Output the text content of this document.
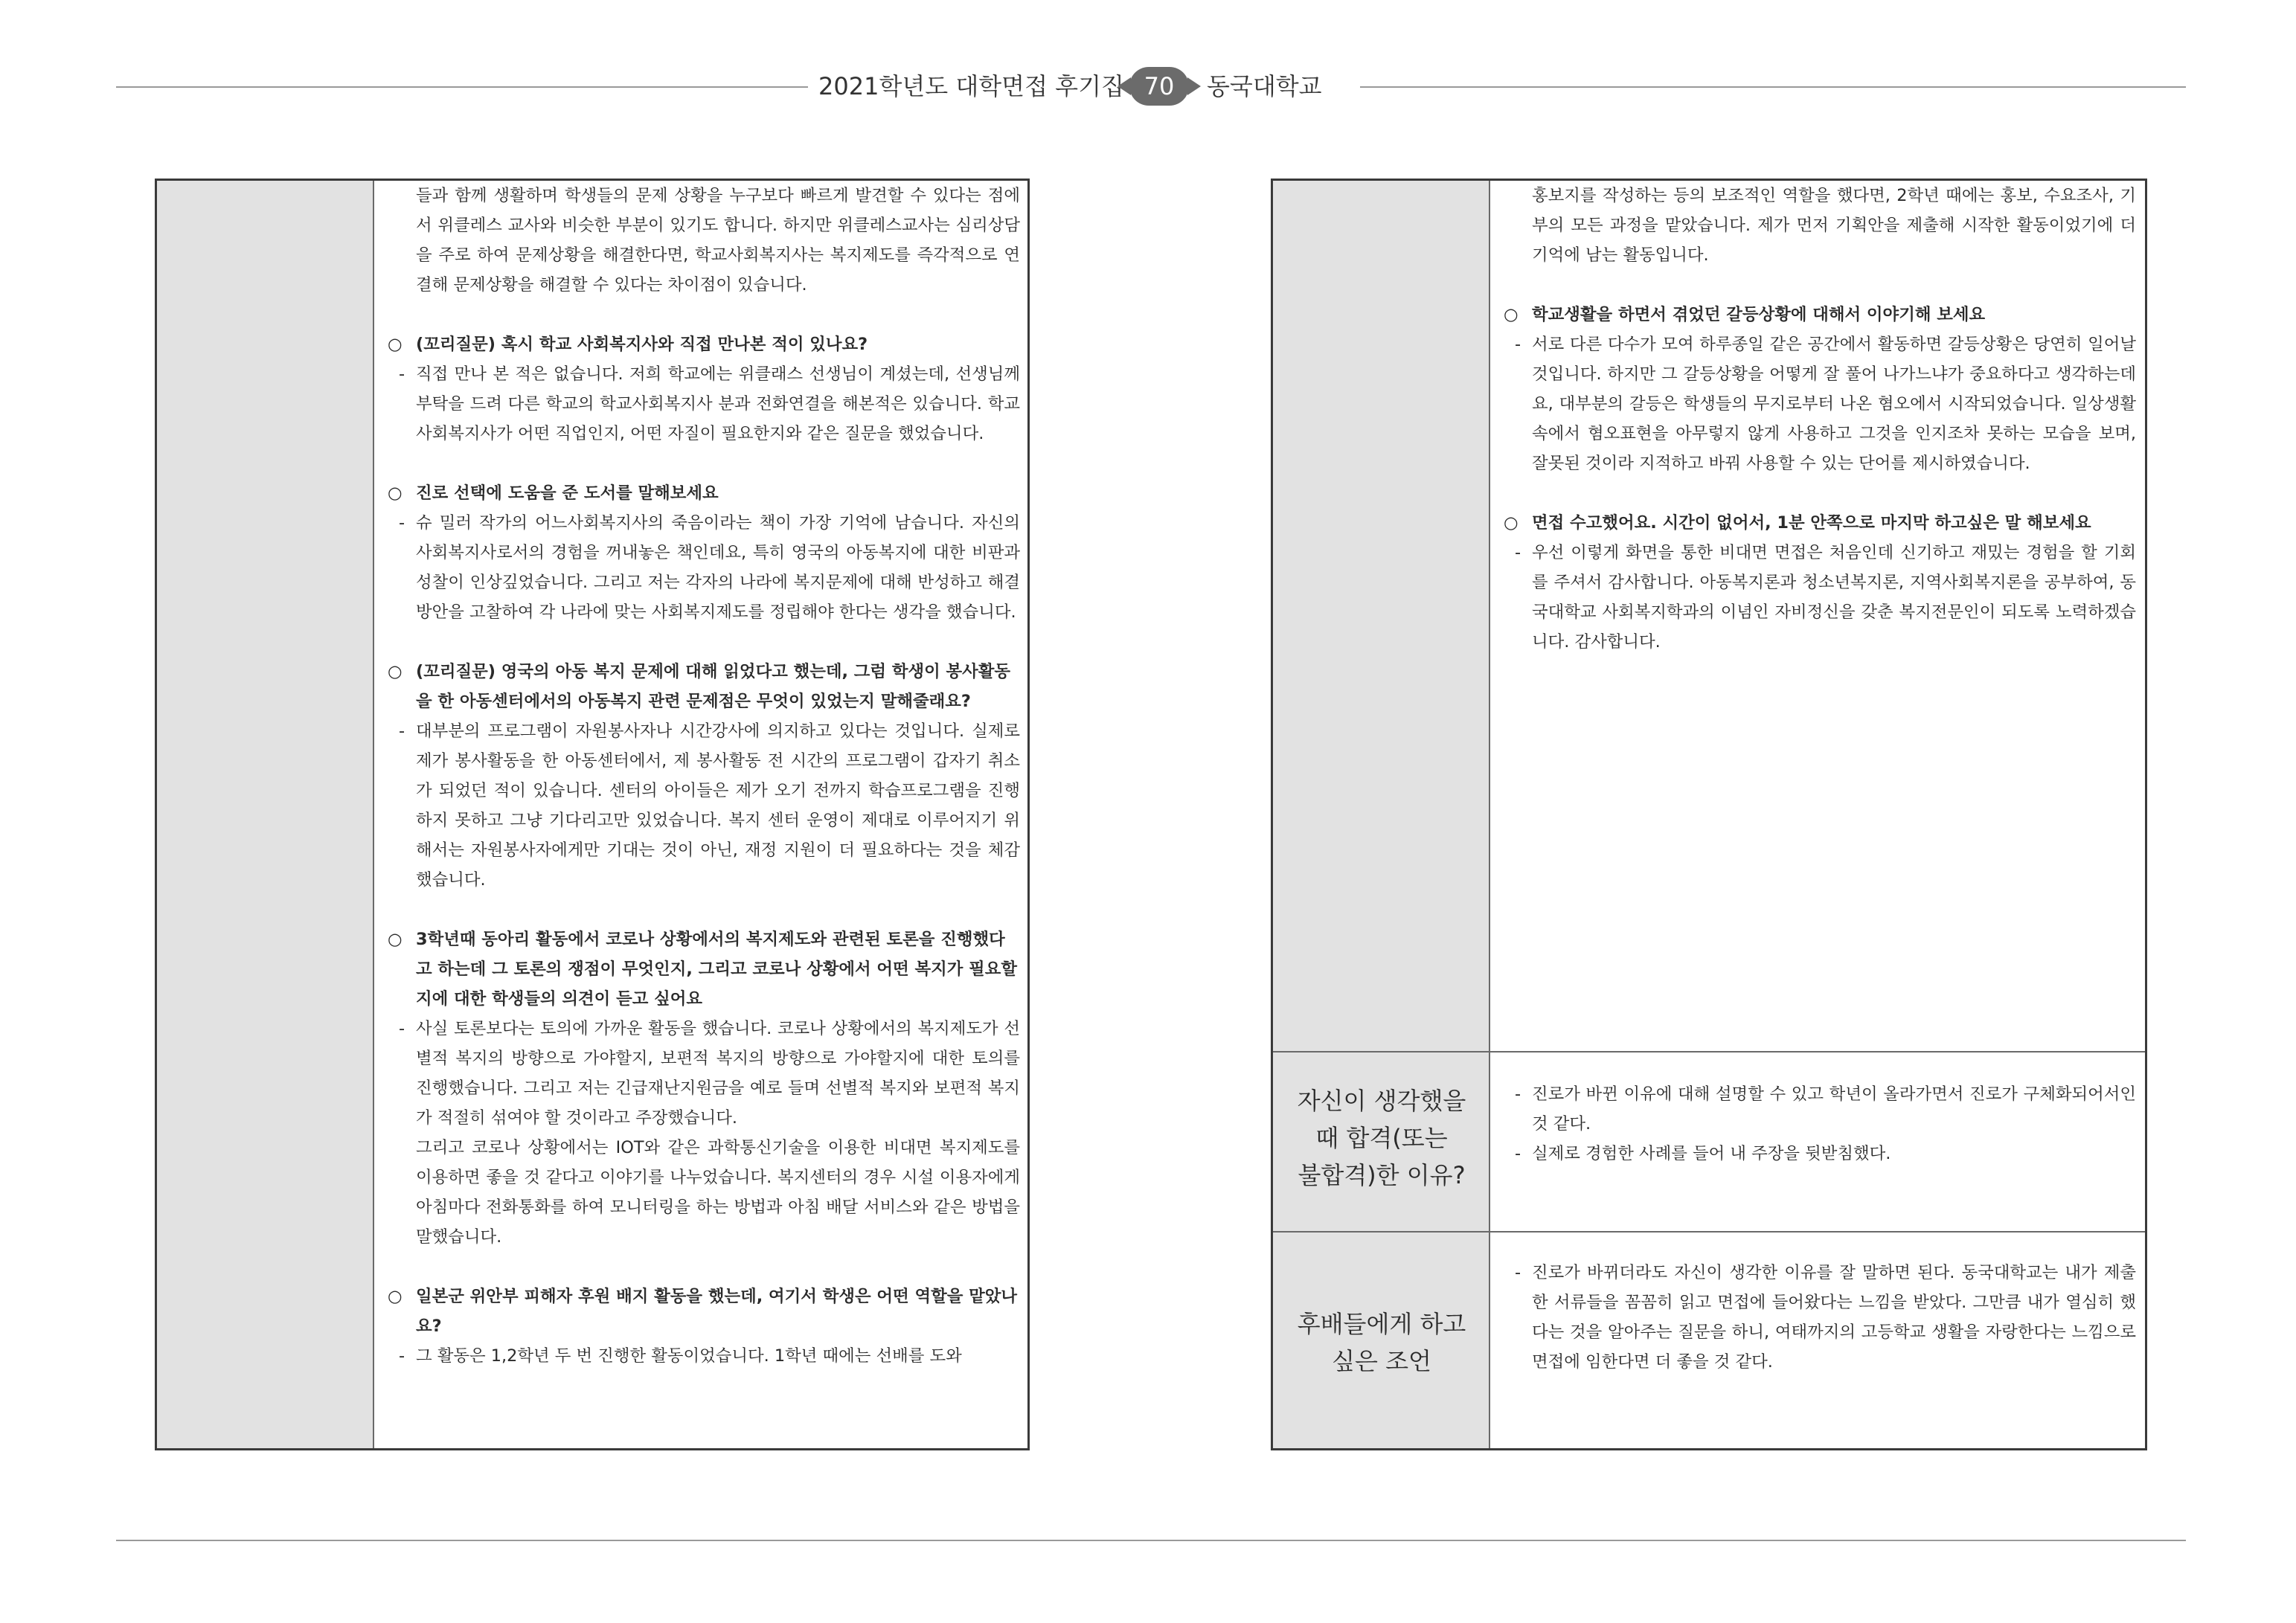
2021학년도 대학면접 후기집 70	동국대학교

들과 함께 생활하며 학생들의 문제 상황을 누구보다 빠르게 발견할 수 있다는 점에서 위클레스 교사와 비슷한 부분이 있기도 합니다. 하지만 위클레스교사는 심리상담을 주로 하여 문제상황을 해결한다면, 학교사회복지사는 복지제도를 즉각적으로 연결해 문제상황을 해결할 수 있다는 차이점이 있습니다.

○ (꼬리질문) 혹시 학교 사회복지사와 직접 만나본 적이 있나요?

- 직접 만나 본 적은 없습니다. 저희 학교에는 위클래스 선생님이 계셨는데, 선생님께 부탁을 드려 다른 학교의 학교사회복지사 분과 전화연결을 해본적은 있습니다. 학교사회복지사가 어떤 직업인지, 어떤 자질이 필요한지와 같은 질문을 했었습니다.

○ 진로 선택에 도움을 준 도서를 말해보세요

- 슈 밀러 작가의 어느사회복지사의 죽음이라는 책이 가장 기억에 남습니다. 자신의 사회복지사로서의 경험을 꺼내놓은 책인데요, 특히 영국의 아동복지에 대한 비판과 성찰이 인상깊었습니다. 그리고 저는 각자의 나라에 복지문제에 대해 반성하고 해결방안을 고찰하여 각 나라에 맞는 사회복지제도를 정립해야 한다는 생각을 했습니다.

○ (꼬리질문) 영국의 아동 복지 문제에 대해 읽었다고 했는데, 그럼 학생이 봉사활동을 한 아동센터에서의 아동복지 관련 문제점은 무엇이 있었는지 말해줄래요?

- 대부분의 프로그램이 자원봉사자나 시간강사에 의지하고 있다는 것입니다. 실제로 제가 봉사활동을 한 아동센터에서, 제 봉사활동 전 시간의 프로그램이 갑자기 취소가 되었던 적이 있습니다. 센터의 아이들은 제가 오기 전까지 학습프로그램을 진행하지 못하고 그냥 기다리고만 있었습니다. 복지 센터 운영이 제대로 이루어지기 위해서는 자원봉사자에게만 기대는 것이 아닌, 재정 지원이 더 필요하다는 것을 체감했습니다.

○ 3학년때 동아리 활동에서 코로나 상황에서의 복지제도와 관련된 토론을 진행했다고 하는데 그 토론의 쟁점이 무엇인지, 그리고 코로나 상황에서 어떤 복지가 필요할지에 대한 학생들의 의견이 듣고 싶어요

- 사실 토론보다는 토의에 가까운 활동을 했습니다. 코로나 상황에서의 복지제도가 선별적 복지의 방향으로 가야할지, 보편적 복지의 방향으로 가야할지에 대한 토의를 진행했습니다. 그리고 저는 긴급재난지원금을 예로 들며 선별적 복지와 보편적 복지가 적절히 섞여야 할 것이라고 주장했습니다.

그리고 코로나 상황에서는 IOT와 같은 과학통신기술을 이용한 비대면 복지제도를 이용하면 좋을 것 같다고 이야기를 나누었습니다. 복지센터의 경우 시설 이용자에게 아침마다 전화통화를 하여 모니터링을 하는 방법과 아침 배달 서비스와 같은 방법을 말했습니다.

○ 일본군 위안부 피해자 후원 배지 활동을 했는데, 여기서 학생은 어떤 역할을 맡았나요?

- 그 활동은 1,2학년 두 번 진행한 활동이었습니다. 1학년 때에는 선배를 도와

홍보지를 작성하는 등의 보조적인 역할을 했다면, 2학년 때에는 홍보, 수요조사, 기부의 모든 과정을 맡았습니다. 제가 먼저 기획안을 제출해 시작한 활동이었기에 더 기억에 남는 활동입니다.

○ 학교생활을 하면서 겪었던 갈등상황에 대해서 이야기해 보세요

- 서로 다른 다수가 모여 하루종일 같은 공간에서 활동하면 갈등상황은 당연히 일어날 것입니다. 하지만 그 갈등상황을 어떻게 잘 풀어 나가느냐가 중요하다고 생각하는데요, 대부분의 갈등은 학생들의 무지로부터 나온 혐오에서 시작되었습니다. 일상생활속에서 혐오표현을 아무렇지 않게 사용하고 그것을 인지조차 못하는 모습을 보며, 잘못된 것이라 지적하고 바꿔 사용할 수 있는 단어를 제시하였습니다.

○ 면접 수고했어요. 시간이 없어서, 1분 안쪽으로 마지막 하고싶은 말 해보세요

- 우선 이렇게 화면을 통한 비대면 면접은 처음인데 신기하고 재밌는 경험을 할 기회를 주셔서 감사합니다. 아동복지론과 청소년복지론, 지역사회복지론을 공부하여, 동국대학교 사회복지학과의 이념인 자비정신을 갖춘 복지전문인이 되도록 노력하겠습니다. 감사합니다.

자신이 생각했을
때 합격(또는
불합격)한 이유?

- 진로가 바뀐 이유에 대해 설명할 수 있고 학년이 올라가면서 진로가 구체화되어서인 것 같다.

- 실제로 경험한 사례를 들어 내 주장을 뒷받침했다.

후배들에게 하고
싶은 조언

- 진로가 바뀌더라도 자신이 생각한 이유를 잘 말하면 된다. 동국대학교는 내가 제출한 서류들을 꼼꼼히 읽고 면접에 들어왔다는 느낌을 받았다. 그만큼 내가 열심히 했다는 것을 알아주는 질문을 하니, 여태까지의 고등학교 생활을 자랑한다는 느낌으로 면접에 임한다면 더 좋을 것 같다.
